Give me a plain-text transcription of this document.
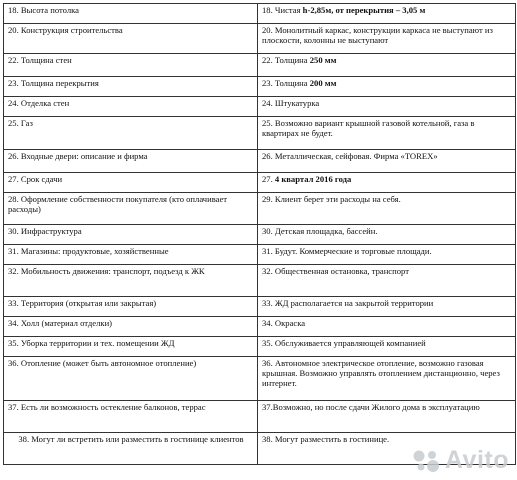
18. Высота потолка	18. Чистая h-2,85м, от перекрытия – 3,05 м
20. Конструкция строительства	20. Монолитный каркас, конструкции каркаса не выступают из плоскости, колонны не выступают
22. Толщина стен	22. Толщина 250 мм
23. Толщина перекрытия	23. Толщина 200 мм
24. Отделка стен	24. Штукатурка
25. Газ	25. Возможно вариант крышной газовой котельной, газа в квартирах не будет.
26. Входные двери: описание и фирма	26. Металлическая, сейфовая. Фирма «TOREX»
27. Срок сдачи	27. 4 квартал 2016 года
28. Оформление собственности покупателя (кто оплачивает расходы)	29. Клиент берет эти расходы на себя.
30. Инфраструктура	30. Детская площадка, бассейн.
31. Магазины: продуктовые, хозяйственные	31. Будут. Коммерческие и торговые площади.
32. Мобильность движения: транспорт, подъезд к ЖК	32. Общественная остановка, транспорт
33. Территория (открытая или закрытая)	33. ЖД располагается на закрытой территории
34. Холл (материал отделки)	34. Окраска
35. Уборка территории и тех. помещении ЖД	35. Обслуживается управляющей компанией
36. Отопление (может быть автономное отопление)	36. Автономное электрическое отопление, возможно газовая крышная. Возможно управлять отоплением дистанционно, через интернет.
37. Есть ли возможность остекление балконов, террас	37.Возможно, но после сдачи Жилого дома в эксплуатацию
38. Могут ли встретить или разместить в гостинице клиентов	38. Могут разместить в гостинице.
Avito
